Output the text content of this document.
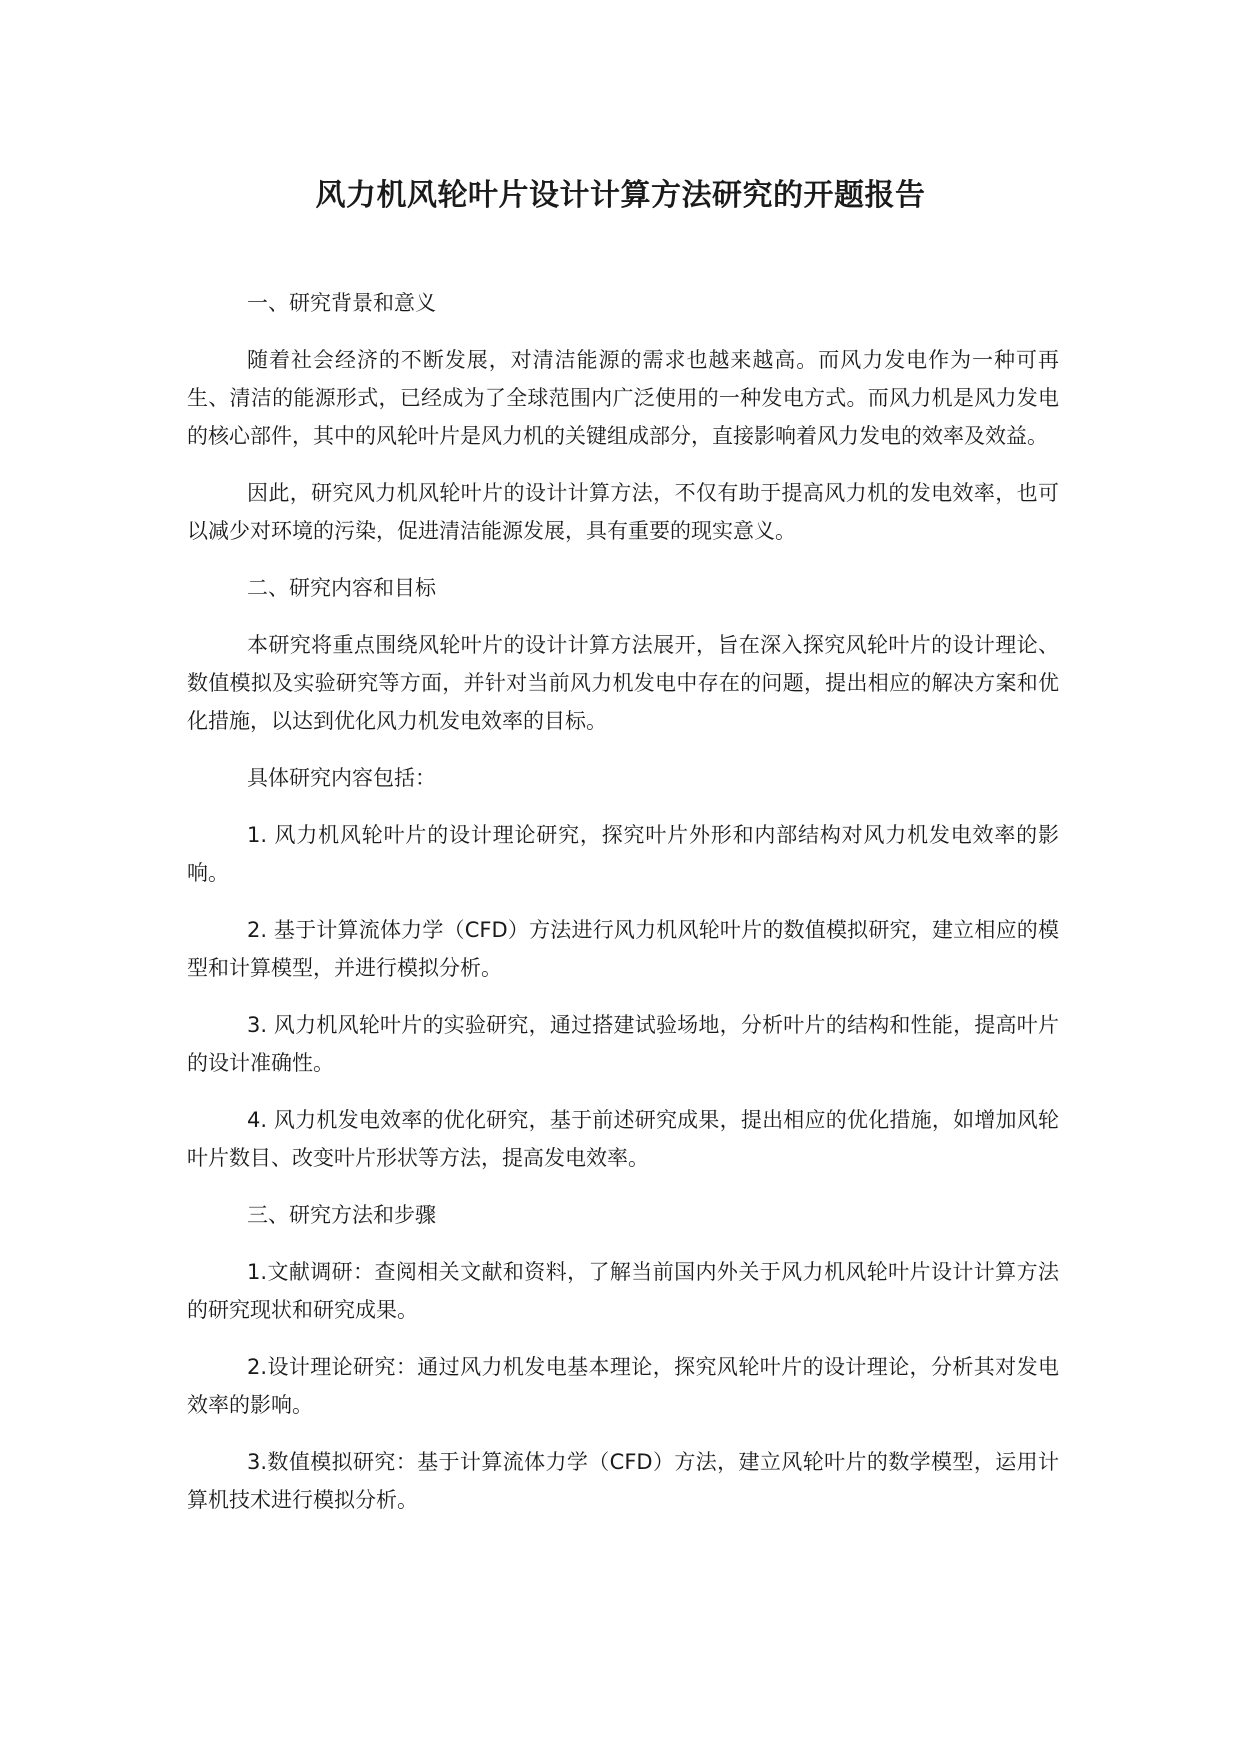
风力机风轮叶片设计计算方法研究的开题报告

一、研究背景和意义

随着社会经济的不断发展，对清洁能源的需求也越来越高。而风力发电作为一种可再生、清洁的能源形式，已经成为了全球范围内广泛使用的一种发电方式。而风力机是风力发电的核心部件，其中的风轮叶片是风力机的关键组成部分，直接影响着风力发电的效率及效益。

因此，研究风力机风轮叶片的设计计算方法，不仅有助于提高风力机的发电效率，也可以减少对环境的污染，促进清洁能源发展，具有重要的现实意义。

二、研究内容和目标

本研究将重点围绕风轮叶片的设计计算方法展开，旨在深入探究风轮叶片的设计理论、数值模拟及实验研究等方面，并针对当前风力机发电中存在的问题，提出相应的解决方案和优化措施，以达到优化风力机发电效率的目标。

具体研究内容包括：

1. 风力机风轮叶片的设计理论研究，探究叶片外形和内部结构对风力机发电效率的影响。

2. 基于计算流体力学（CFD）方法进行风力机风轮叶片的数值模拟研究，建立相应的模型和计算模型，并进行模拟分析。

3. 风力机风轮叶片的实验研究，通过搭建试验场地，分析叶片的结构和性能，提高叶片的设计准确性。

4. 风力机发电效率的优化研究，基于前述研究成果，提出相应的优化措施，如增加风轮叶片数目、改变叶片形状等方法，提高发电效率。

三、研究方法和步骤

1.文献调研：查阅相关文献和资料，了解当前国内外关于风力机风轮叶片设计计算方法的研究现状和研究成果。

2.设计理论研究：通过风力机发电基本理论，探究风轮叶片的设计理论，分析其对发电效率的影响。

3.数值模拟研究：基于计算流体力学（CFD）方法，建立风轮叶片的数学模型，运用计算机技术进行模拟分析。
